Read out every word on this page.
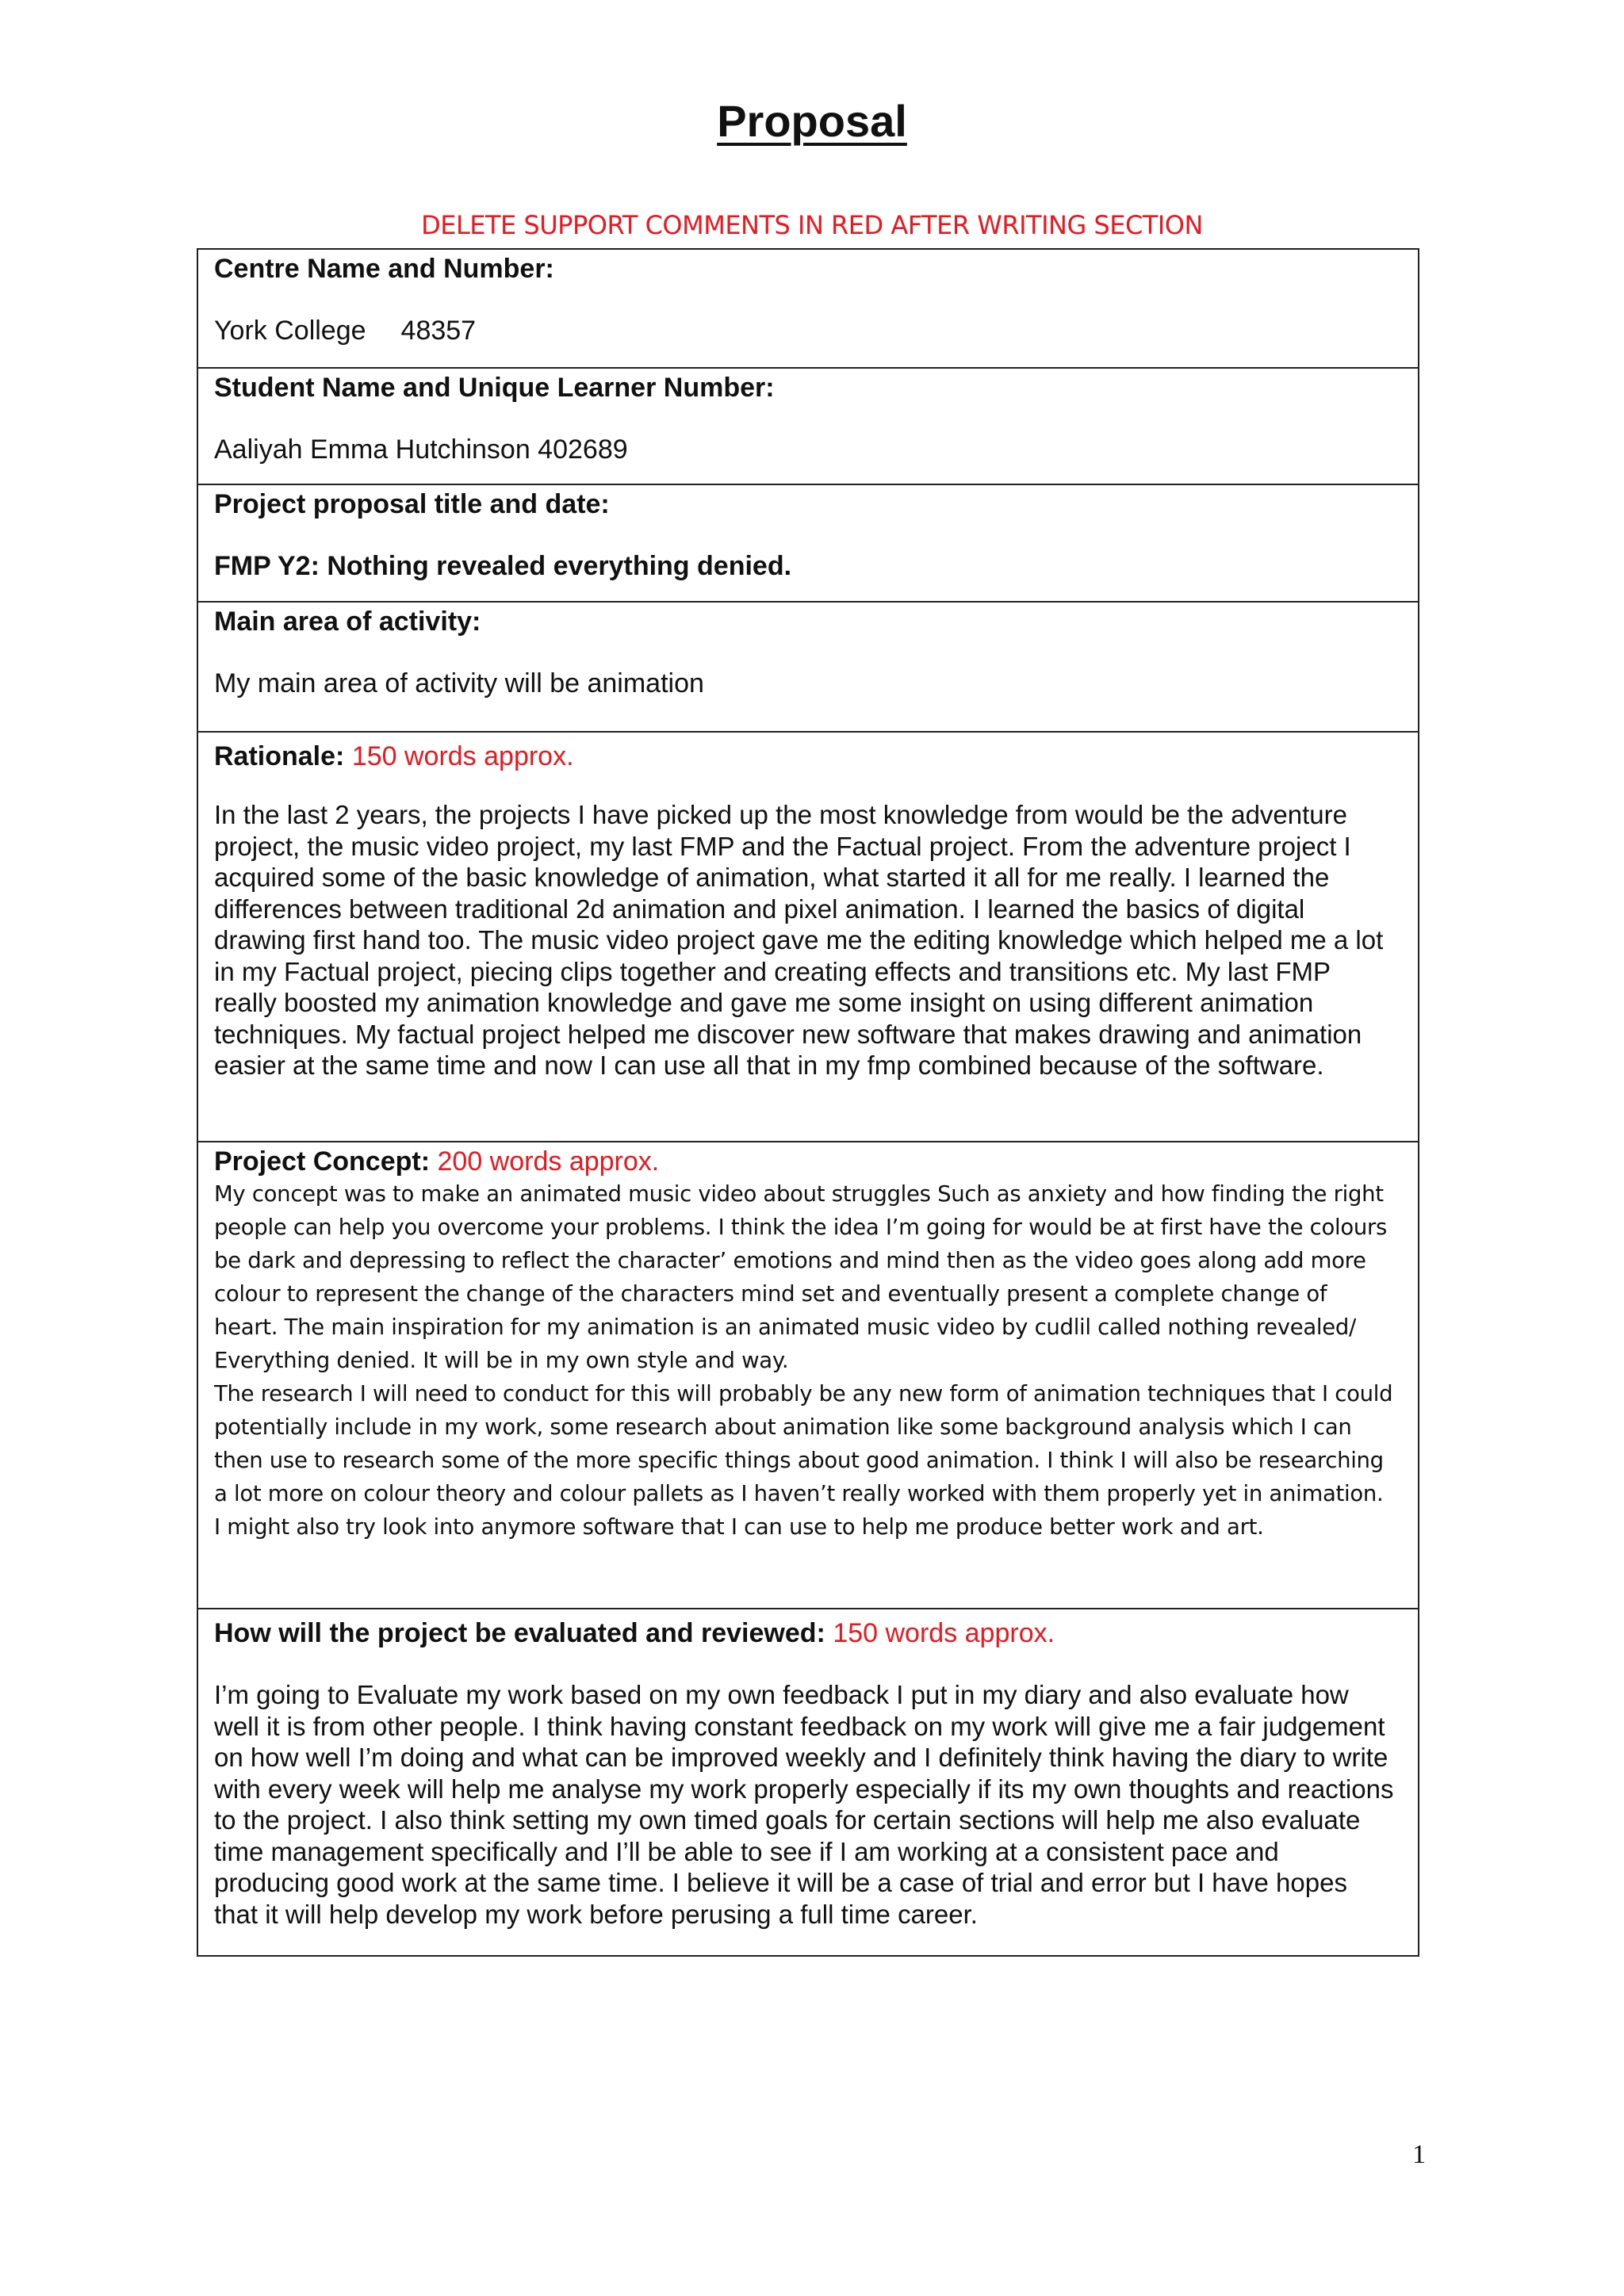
Proposal
DELETE SUPPORT COMMENTS IN RED AFTER WRITING SECTION
Centre Name and Number:
York College 48357
Student Name and Unique Learner Number:
Aaliyah Emma Hutchinson 402689
Project proposal title and date:
FMP Y2: Nothing revealed everything denied.
Main area of activity:
My main area of activity will be animation
Rationale: 150 words approx.

In the last 2 years, the projects I have picked up the most knowledge from would be the adventure project, the music video project, my last FMP and the Factual project. From the adventure project I acquired some of the basic knowledge of animation, what started it all for me really. I learned the differences between traditional 2d animation and pixel animation. I learned the basics of digital drawing first hand too. The music video project gave me the editing knowledge which helped me a lot in my Factual project, piecing clips together and creating effects and transitions etc. My last FMP really boosted my animation knowledge and gave me some insight on using different animation techniques. My factual project helped me discover new software that makes drawing and animation easier at the same time and now I can use all that in my fmp combined because of the software.

Project Concept: 200 words approx.

My concept was to make an animated music video about struggles Such as anxiety and how finding the right people can help you overcome your problems. I think the idea I’m going for would be at first have the colours be dark and depressing to reflect the character’ emotions and mind then as the video goes along add more colour to represent the change of the characters mind set and eventually present a complete change of heart. The main inspiration for my animation is an animated music video by cudlil called nothing revealed/ Everything denied. It will be in my own style and way.

The research I will need to conduct for this will probably be any new form of animation techniques that I could potentially include in my work, some research about animation like some background analysis which I can then use to research some of the more specific things about good animation. I think I will also be researching a lot more on colour theory and colour pallets as I haven’t really worked with them properly yet in animation. I might also try look into anymore software that I can use to help me produce better work and art.

How will the project be evaluated and reviewed: 150 words approx.

I’m going to Evaluate my work based on my own feedback I put in my diary and also evaluate how well it is from other people. I think having constant feedback on my work will give me a fair judgement on how well I’m doing and what can be improved weekly and I definitely think having the diary to write with every week will help me analyse my work properly especially if its my own thoughts and reactions to the project. I also think setting my own timed goals for certain sections will help me also evaluate time management specifically and I’ll be able to see if I am working at a consistent pace and producing good work at the same time. I believe it will be a case of trial and error but I have hopes that it will help develop my work before perusing a full time career.

1
